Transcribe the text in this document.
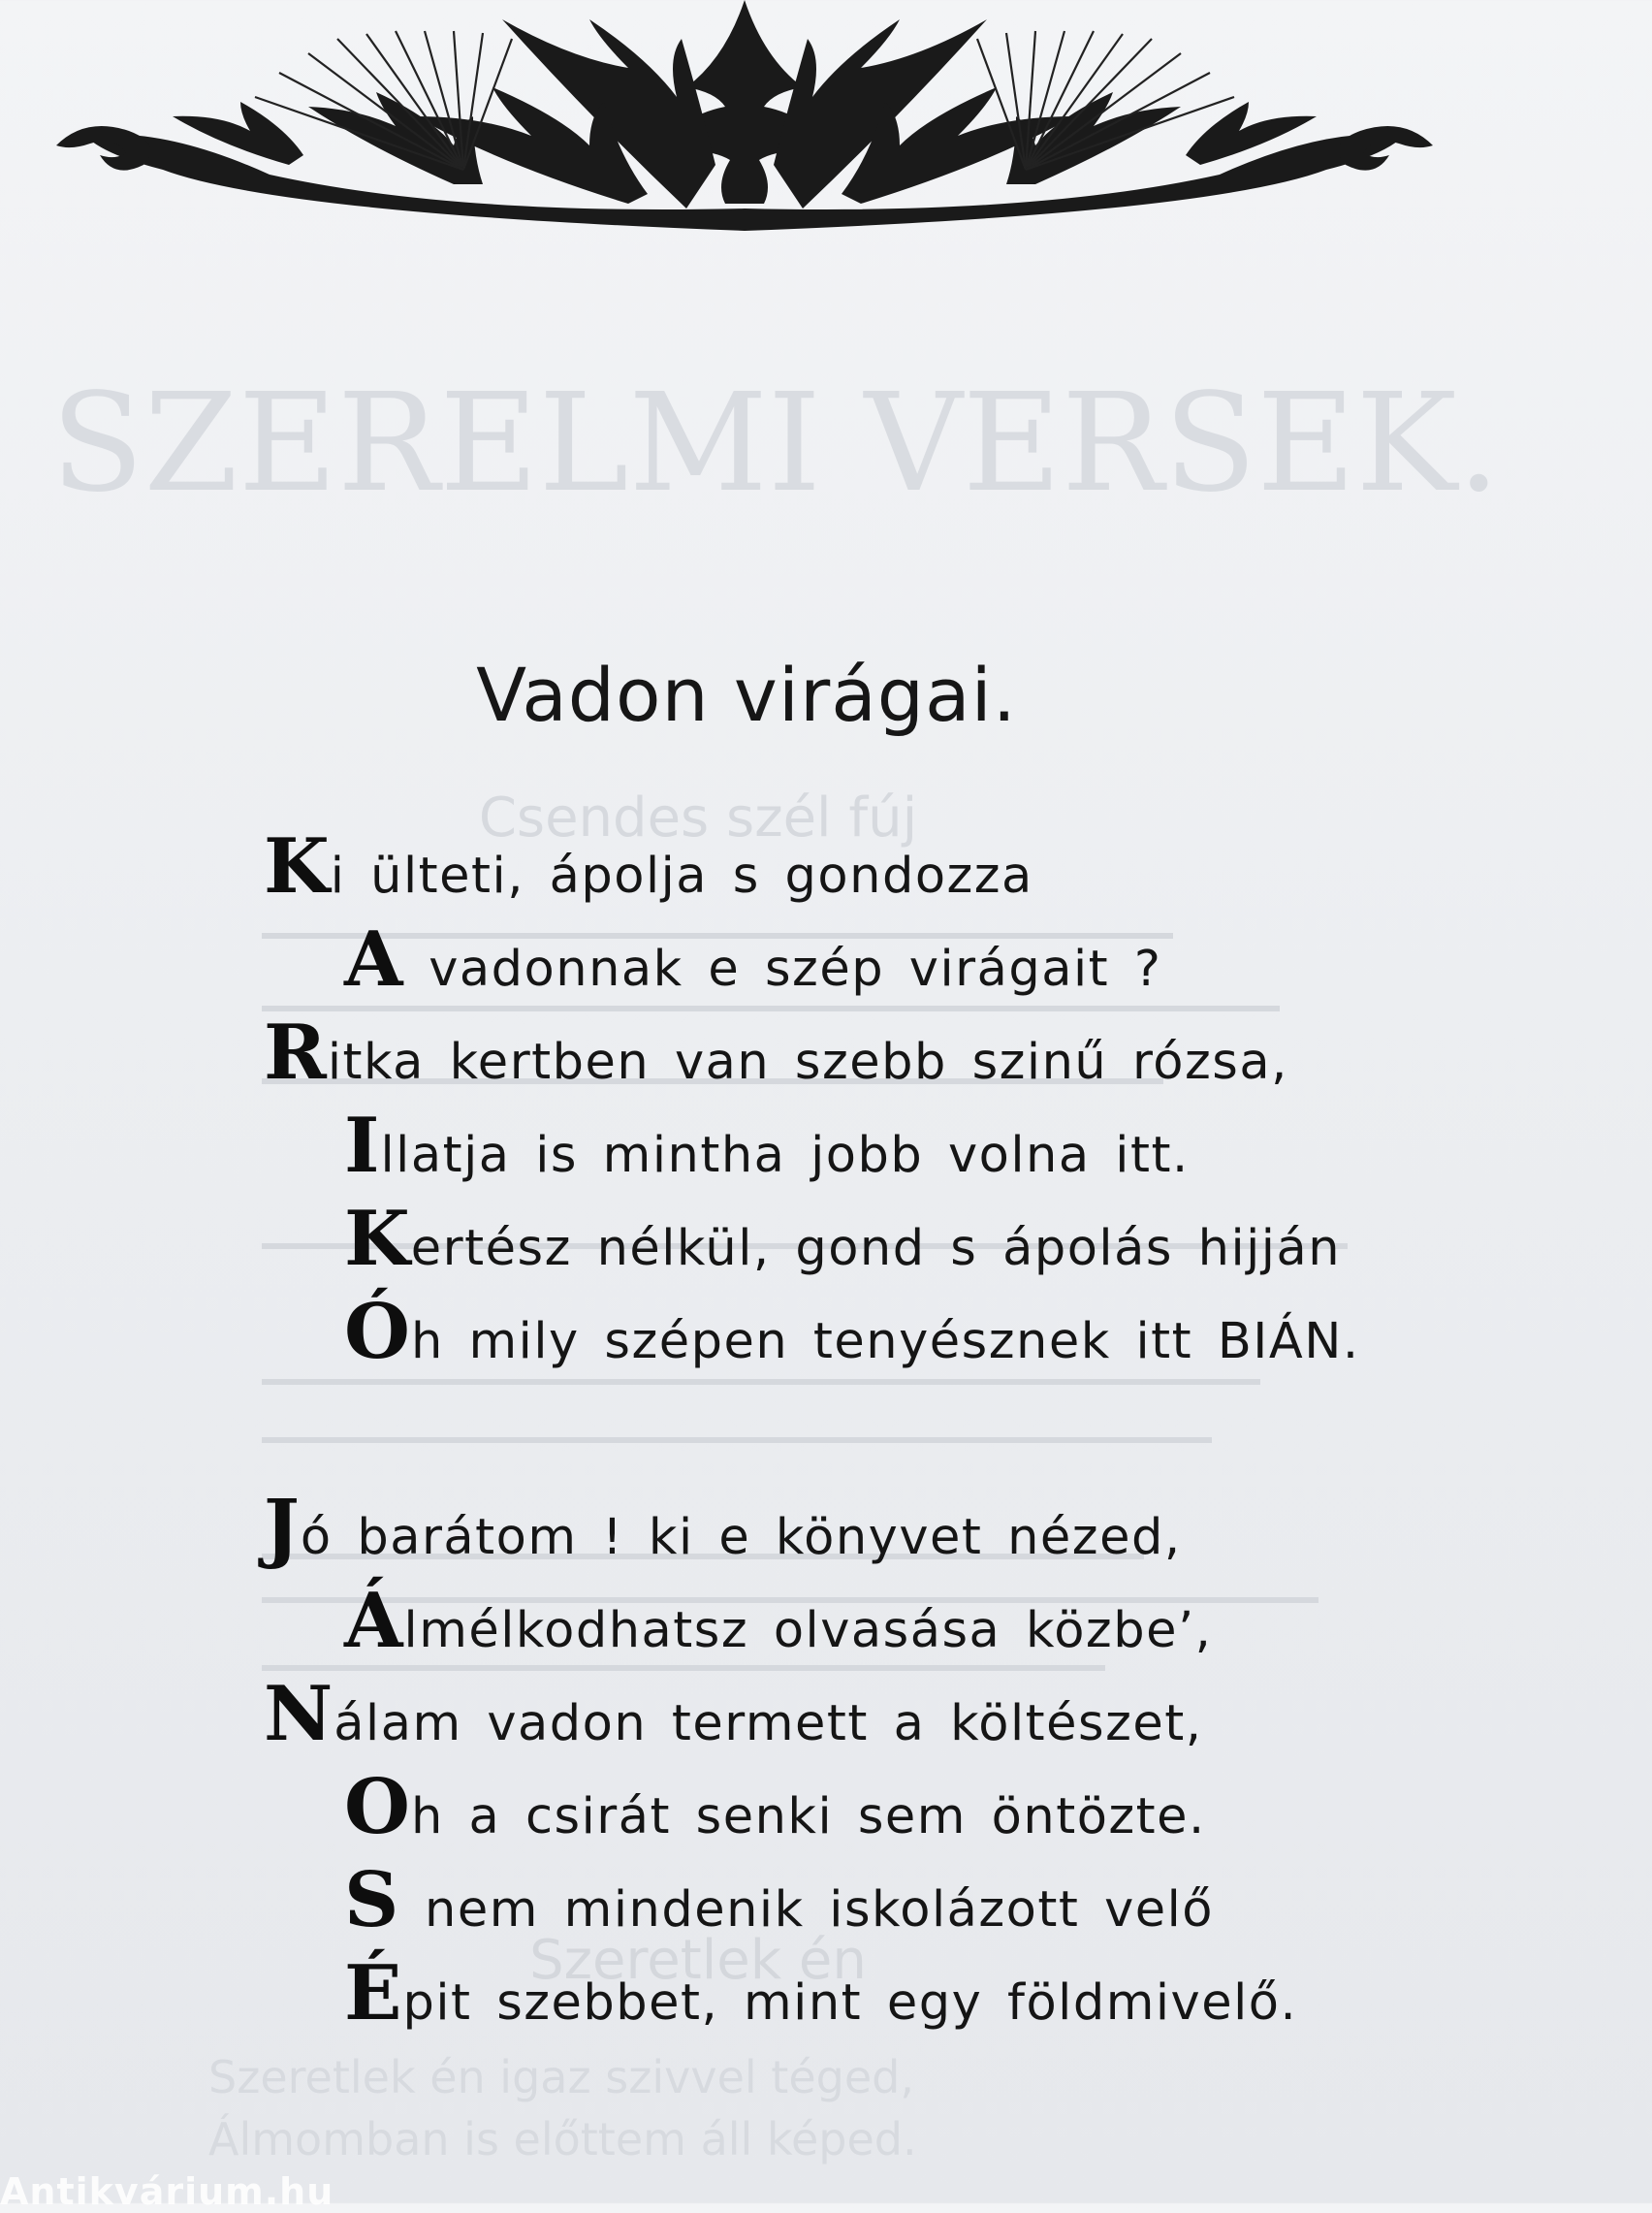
SZERELMI VERSEK.
Csendes szél fúj
Szeretlek én
Szeretlek én igaz szivvel téged,
Álmomban is előttem áll képed.
Vadon virágai.
Ki ülteti, ápolja s gondozza
A vadonnak e szép virágait ?
Ritka kertben van szebb szinű rózsa,
Illatja is mintha jobb volna itt.
Kertész nélkül, gond s ápolás hijján
Óh mily szépen tenyésznek itt BIÁN.
Jó barátom ! ki e könyvet nézed,
Álmélkodhatsz olvasása közbe’,
Nálam vadon termett a költészet,
Oh a csirát senki sem öntözte.
S nem mindenik iskolázott velő
Épit szebbet, mint egy földmivelő.
Antikvárium.hu
